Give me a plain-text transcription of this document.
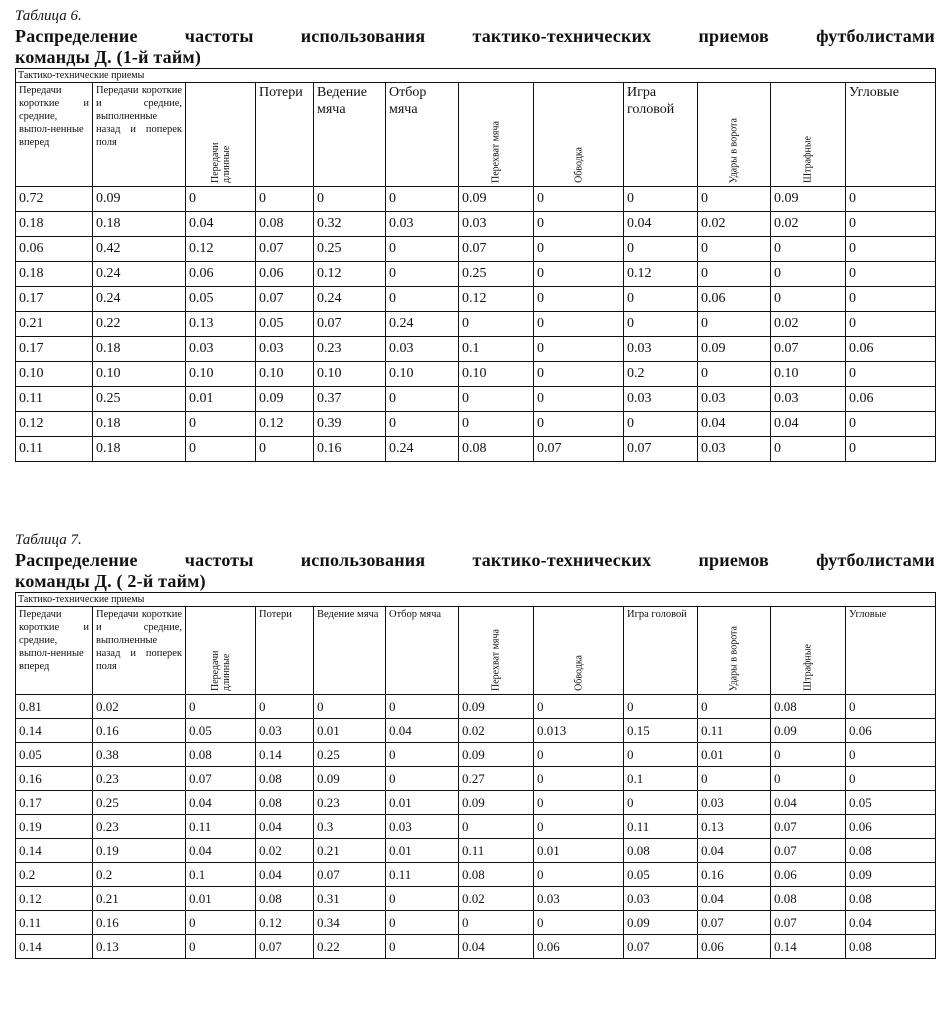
Таблица 6.
Распределение частоты использования тактико-технических приемов футболистами
команды Д. (1-й тайм)
Тактико-технические приемы											
Передачи короткие и средние, выпол-ненные вперед	Передачи короткие и средние, выполненные назад и поперек поля	Передачи длинные	Потери	Ведение мяча	Отбор мяча	Перехват мяча	Обводка	Игра головой	Удары в ворота	Штрафные	Угловые
0.72	0.09	0	0	0	0	0.09	0	0	0	0.09	0
0.18	0.18	0.04	0.08	0.32	0.03	0.03	0	0.04	0.02	0.02	0
0.06	0.42	0.12	0.07	0.25	0	0.07	0	0	0	0	0
0.18	0.24	0.06	0.06	0.12	0	0.25	0	0.12	0	0	0
0.17	0.24	0.05	0.07	0.24	0	0.12	0	0	0.06	0	0
0.21	0.22	0.13	0.05	0.07	0.24	0	0	0	0	0.02	0
0.17	0.18	0.03	0.03	0.23	0.03	0.1	0	0.03	0.09	0.07	0.06
0.10	0.10	0.10	0.10	0.10	0.10	0.10	0	0.2	0	0.10	0
0.11	0.25	0.01	0.09	0.37	0	0	0	0.03	0.03	0.03	0.06
0.12	0.18	0	0.12	0.39	0	0	0	0	0.04	0.04	0
0.11	0.18	0	0	0.16	0.24	0.08	0.07	0.07	0.03	0	0
Таблица 7.
Распределение частоты использования тактико-технических приемов футболистами
команды Д. ( 2-й тайм)
Тактико-технические приемы											
Передачи короткие и средние, выпол-ненные вперед	Передачи короткие и средние, выполненные назад и поперек поля	Передачи длинные	Потери	Ведение мяча	Отбор мяча	Перехват мяча	Обводка	Игра головой	Удары в ворота	Штрафные	Угловые
0.81	0.02	0	0	0	0	0.09	0	0	0	0.08	0
0.14	0.16	0.05	0.03	0.01	0.04	0.02	0.013	0.15	0.11	0.09	0.06
0.05	0.38	0.08	0.14	0.25	0	0.09	0	0	0.01	0	0
0.16	0.23	0.07	0.08	0.09	0	0.27	0	0.1	0	0	0
0.17	0.25	0.04	0.08	0.23	0.01	0.09	0	0	0.03	0.04	0.05
0.19	0.23	0.11	0.04	0.3	0.03	0	0	0.11	0.13	0.07	0.06
0.14	0.19	0.04	0.02	0.21	0.01	0.11	0.01	0.08	0.04	0.07	0.08
0.2	0.2	0.1	0.04	0.07	0.11	0.08	0	0.05	0.16	0.06	0.09
0.12	0.21	0.01	0.08	0.31	0	0.02	0.03	0.03	0.04	0.08	0.08
0.11	0.16	0	0.12	0.34	0	0	0	0.09	0.07	0.07	0.04
0.14	0.13	0	0.07	0.22	0	0.04	0.06	0.07	0.06	0.14	0.08
